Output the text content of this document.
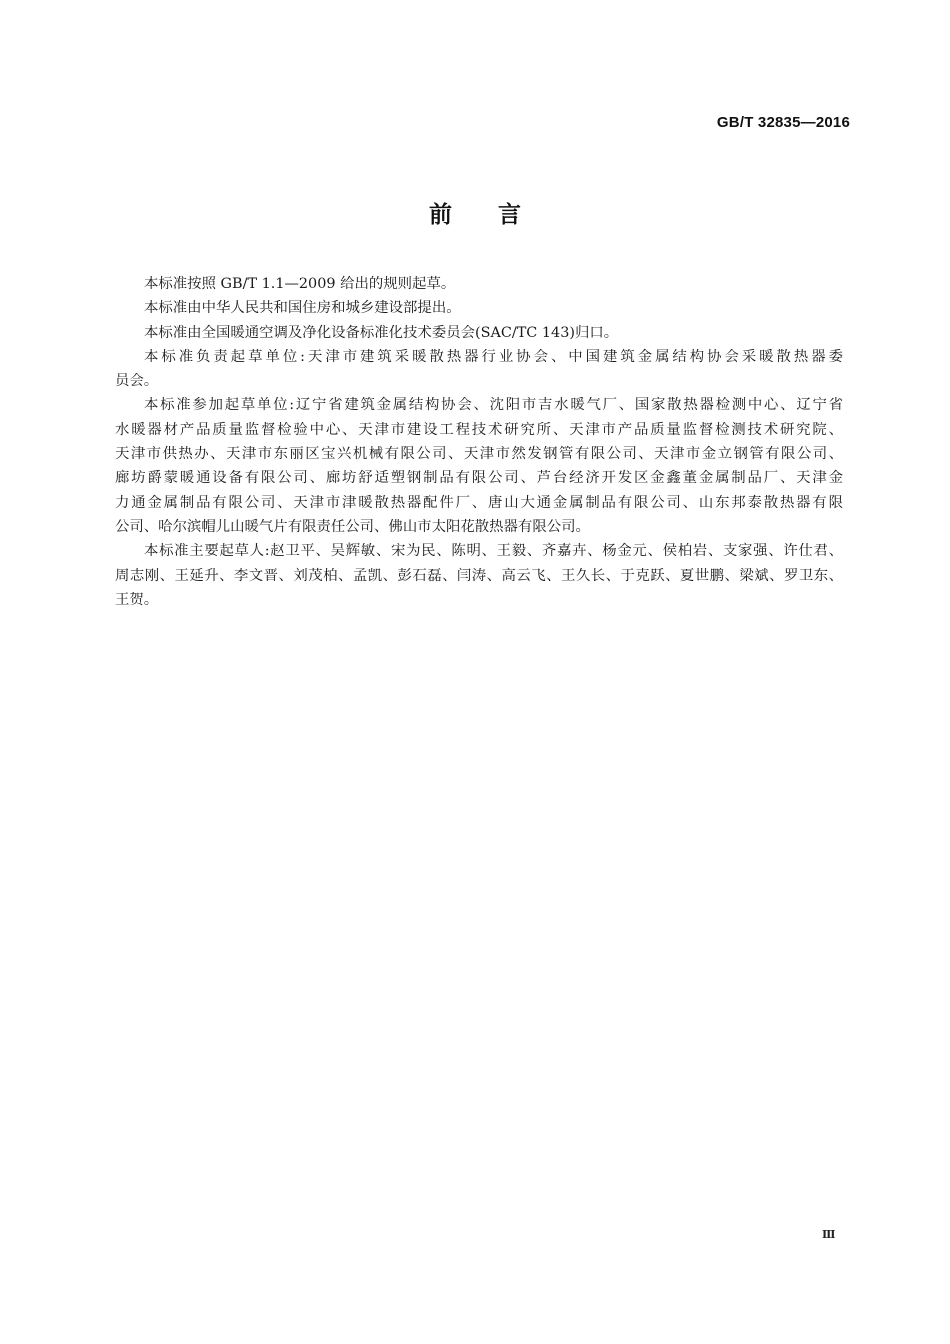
GB/T 32835—2016
前　　言

本标准按照 GB/T 1.1—2009 给出的规则起草。

本标准由中华人民共和国住房和城乡建设部提出。

本标准由全国暖通空调及净化设备标准化技术委员会(SAC/TC 143)归口。

本标准负责起草单位:天津市建筑采暖散热器行业协会、中国建筑金属结构协会采暖散热器委
员会。

本标准参加起草单位:辽宁省建筑金属结构协会、沈阳市吉水暖气厂、国家散热器检测中心、辽宁省
水暖器材产品质量监督检验中心、天津市建设工程技术研究所、天津市产品质量监督检测技术研究院、
天津市供热办、天津市东丽区宝兴机械有限公司、天津市然发钢管有限公司、天津市金立钢管有限公司、
廊坊爵蒙暖通设备有限公司、廊坊舒适塑钢制品有限公司、芦台经济开发区金鑫董金属制品厂、天津金
力通金属制品有限公司、天津市津暖散热器配件厂、唐山大通金属制品有限公司、山东邦泰散热器有限
公司、哈尔滨帽儿山暖气片有限责任公司、佛山市太阳花散热器有限公司。

本标准主要起草人:赵卫平、吴辉敏、宋为民、陈明、王毅、齐嘉卉、杨金元、侯柏岩、支家强、许仕君、
周志刚、王延升、李文晋、刘茂柏、孟凯、彭石磊、闫涛、高云飞、王久长、于克跃、夏世鹏、梁斌、罗卫东、
王贺。

Ⅲ
